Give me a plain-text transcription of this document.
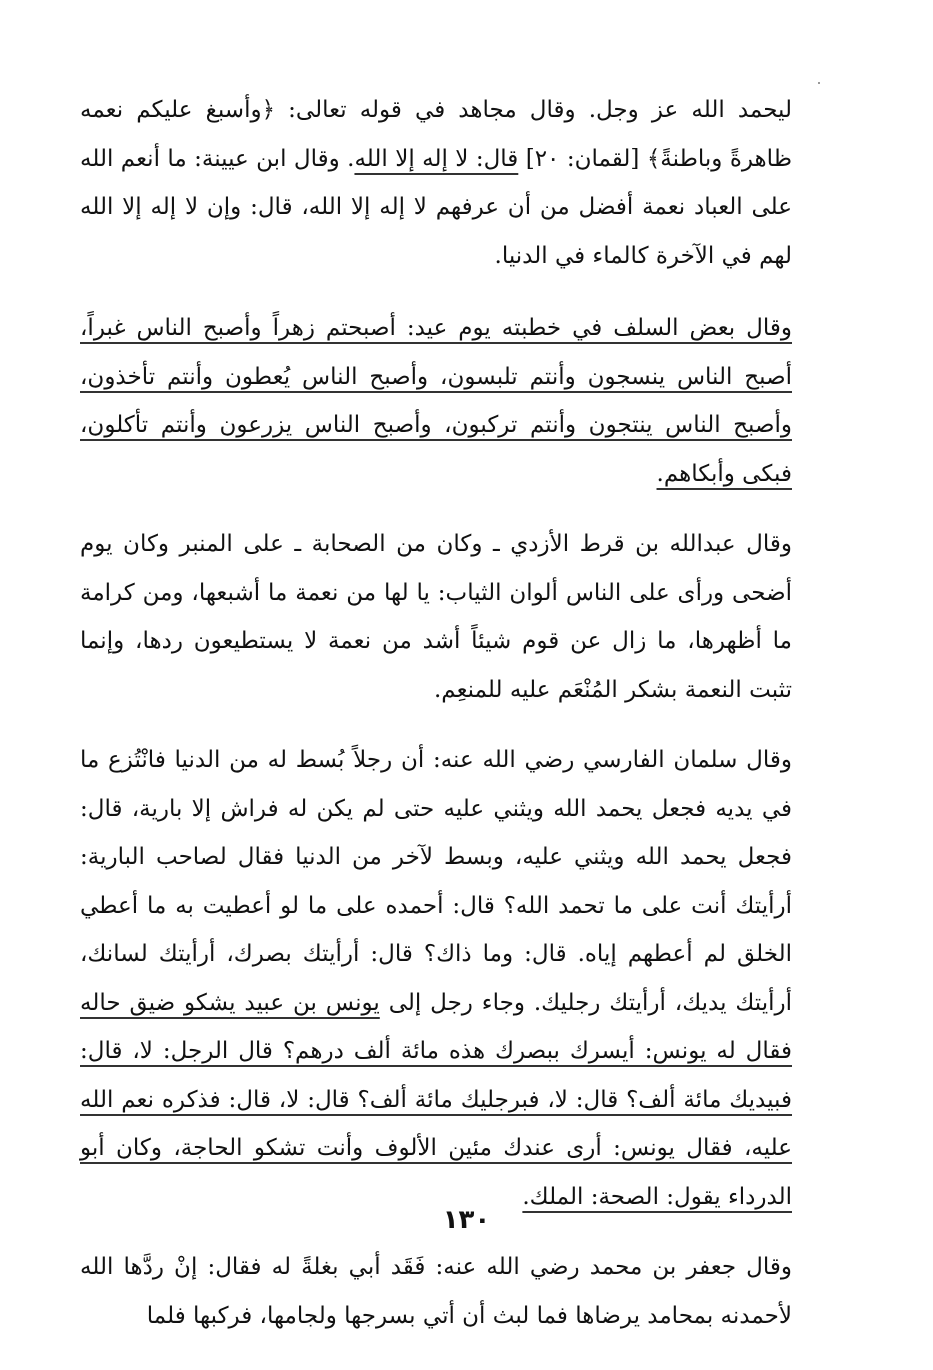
ليحمد الله عز وجل. وقال مجاهد في قوله تعالى: ﴿وأسبغ عليكم نعمه ظاهرةً وباطنةً﴾ [لقمان: ٢٠] قال: لا إله إلا الله. وقال ابن عيينة: ما أنعم الله على العباد نعمة أفضل من أن عرفهم لا إله إلا الله، قال: وإن لا إله إلا الله لهم في الآخرة كالماء في الدنيا.

وقال بعض السلف في خطبته يوم عيد: أصبحتم زهراً وأصبح الناس غبراً، أصبح الناس ينسجون وأنتم تلبسون، وأصبح الناس يُعطون وأنتم تأخذون، وأصبح الناس ينتجون وأنتم تركبون، وأصبح الناس يزرعون وأنتم تأكلون، فبكى وأبكاهم.

وقال عبدالله بن قرط الأزدي ـ وكان من الصحابة ـ على المنبر وكان يوم أضحى ورأى على الناس ألوان الثياب: يا لها من نعمة ما أشبعها، ومن كرامة ما أظهرها، ما زال عن قوم شيئاً أشد من نعمة لا يستطيعون ردها، وإنما تثبت النعمة بشكر المُنْعَم عليه للمنعِم.

وقال سلمان الفارسي رضي الله عنه: أن رجلاً بُسط له من الدنيا فانْتُزع ما في يديه فجعل يحمد الله ويثني عليه حتى لم يكن له فراش إلا بارية، قال: فجعل يحمد الله ويثني عليه، وبسط لآخر من الدنيا فقال لصاحب البارية: أرأيتك أنت على ما تحمد الله؟ قال: أحمده على ما لو أعطيت به ما أعطي الخلق لم أعطهم إياه. قال: وما ذاك؟ قال: أرأيتك بصرك، أرأيتك لسانك، أرأيتك يديك، أرأيتك رجليك. وجاء رجل إلى يونس بن عبيد يشكو ضيق حاله فقال له يونس: أيسرك ببصرك هذه مائة ألف درهم؟ قال الرجل: لا، قال: فبيديك مائة ألف؟ قال: لا، فبرجليك مائة ألف؟ قال: لا، قال: فذكره نعم الله عليه، فقال يونس: أرى عندك مئين الألوف وأنت تشكو الحاجة، وكان أبو الدرداء يقول: الصحة: الملك.

وقال جعفر بن محمد رضي الله عنه: فَقَد أبي بغلةً له فقال: إنْ ردَّها الله لأحمدنه بمحامد يرضاها فما لبث أن أتي بسرجها ولجامها، فركبها فلما

١٣٠
